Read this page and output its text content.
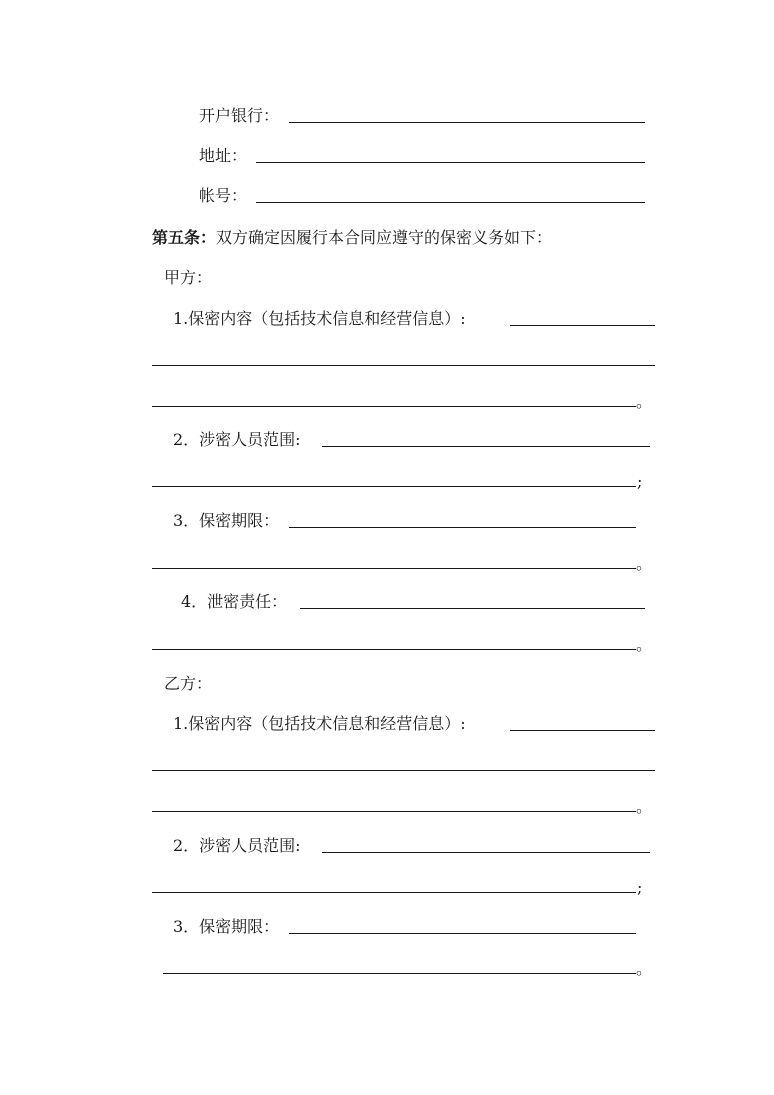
开户银行：
地址：
帐号：
第五条：双方确定因履行本合同应遵守的保密义务如下：
甲方：
1.保密内容（包括技术信息和经营信息）:
。
2．涉密人员范围:
;
3．保密期限：
。
4．泄密责任：
。
乙方：
1.保密内容（包括技术信息和经营信息）:
。
2．涉密人员范围:
;
3．保密期限：
。
